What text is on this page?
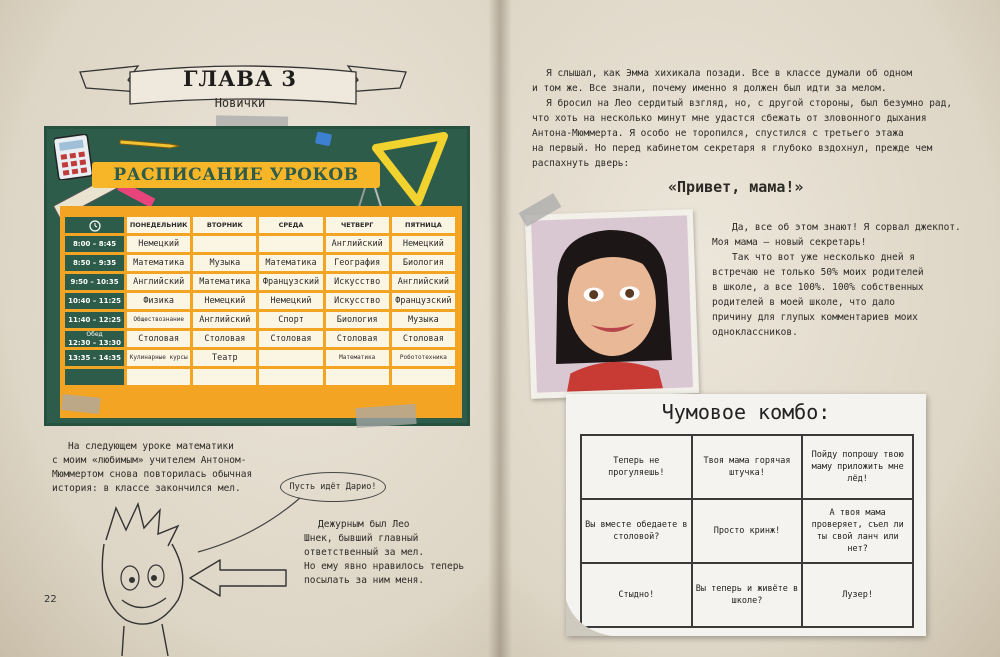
ГЛАВА 3
Новички
РАСПИСАНИЕ УРОКОВ
	ПОНЕДЕЛЬНИК	ВТОРНИК	СРЕДА	ЧЕТВЕРГ	ПЯТНИЦА
8:00 – 8:45	Немецкий			Английский	Немецкий
8:50 – 9:35	Математика	Музыка	Математика	География	Биология
9:50 – 10:35	Английский	Математика	Французский	Искусство	Английский
10:40 – 11:25	Физика	Немецкий	Немецкий	Искусство	Французский
11:40 – 12:25	Обществознание	Английский	Спорт	Биология	Музыка

Обед
12:30 – 13:30	Столовая	Столовая	Столовая	Столовая	Столовая
13:35 – 14:35	Кулинарные курсы	Театр		Математика	Робототехника

На следующем уроке математики
с моим «любимым» учителем Антоном-
Мюммертом снова повторилась обычная
история: в классе закончился мел.	Пусть идёт Дарио!
Дежурным был Лео
Шнек, бывший главный
ответственный за мел.
Но ему явно нравилось теперь
посылать за ним меня.
22
Я слышал, как Эмма хихикала позади. Все в классе думали об одном
и том же. Все знали, почему именно я должен был идти за мелом.
Я бросил на Лео сердитый взгляд, но, с другой стороны, был безумно рад,
что хоть на несколько минут мне удастся сбежать от зловонного дыхания
Антона-Мюммерта. Я особо не торопился, спустился с третьего этажа
на первый. Но перед кабинетом секретаря я глубоко вздохнул, прежде чем
распахнуть дверь:
«Привет, мама!»
Да, все об этом знают! Я сорвал джекпот.
Моя мама — новый секретарь!
Так что вот уже несколько дней я
встречаю не только 50% моих родителей
в школе, а все 100%. 100% собственных
родителей в моей школе, что дало
причину для глупых комментариев моих
одноклассников.
Чумовое комбо:
Теперь не прогуляешь!	Твоя мама горячая штучка!	Пойду попрошу твою маму приложить мне лёд!
Вы вместе обедаете в столовой?	Просто кринж!	А твоя мама проверяет, съел ли ты свой ланч или нет?
Стыдно!	Вы теперь и живёте в школе?	Лузер!
